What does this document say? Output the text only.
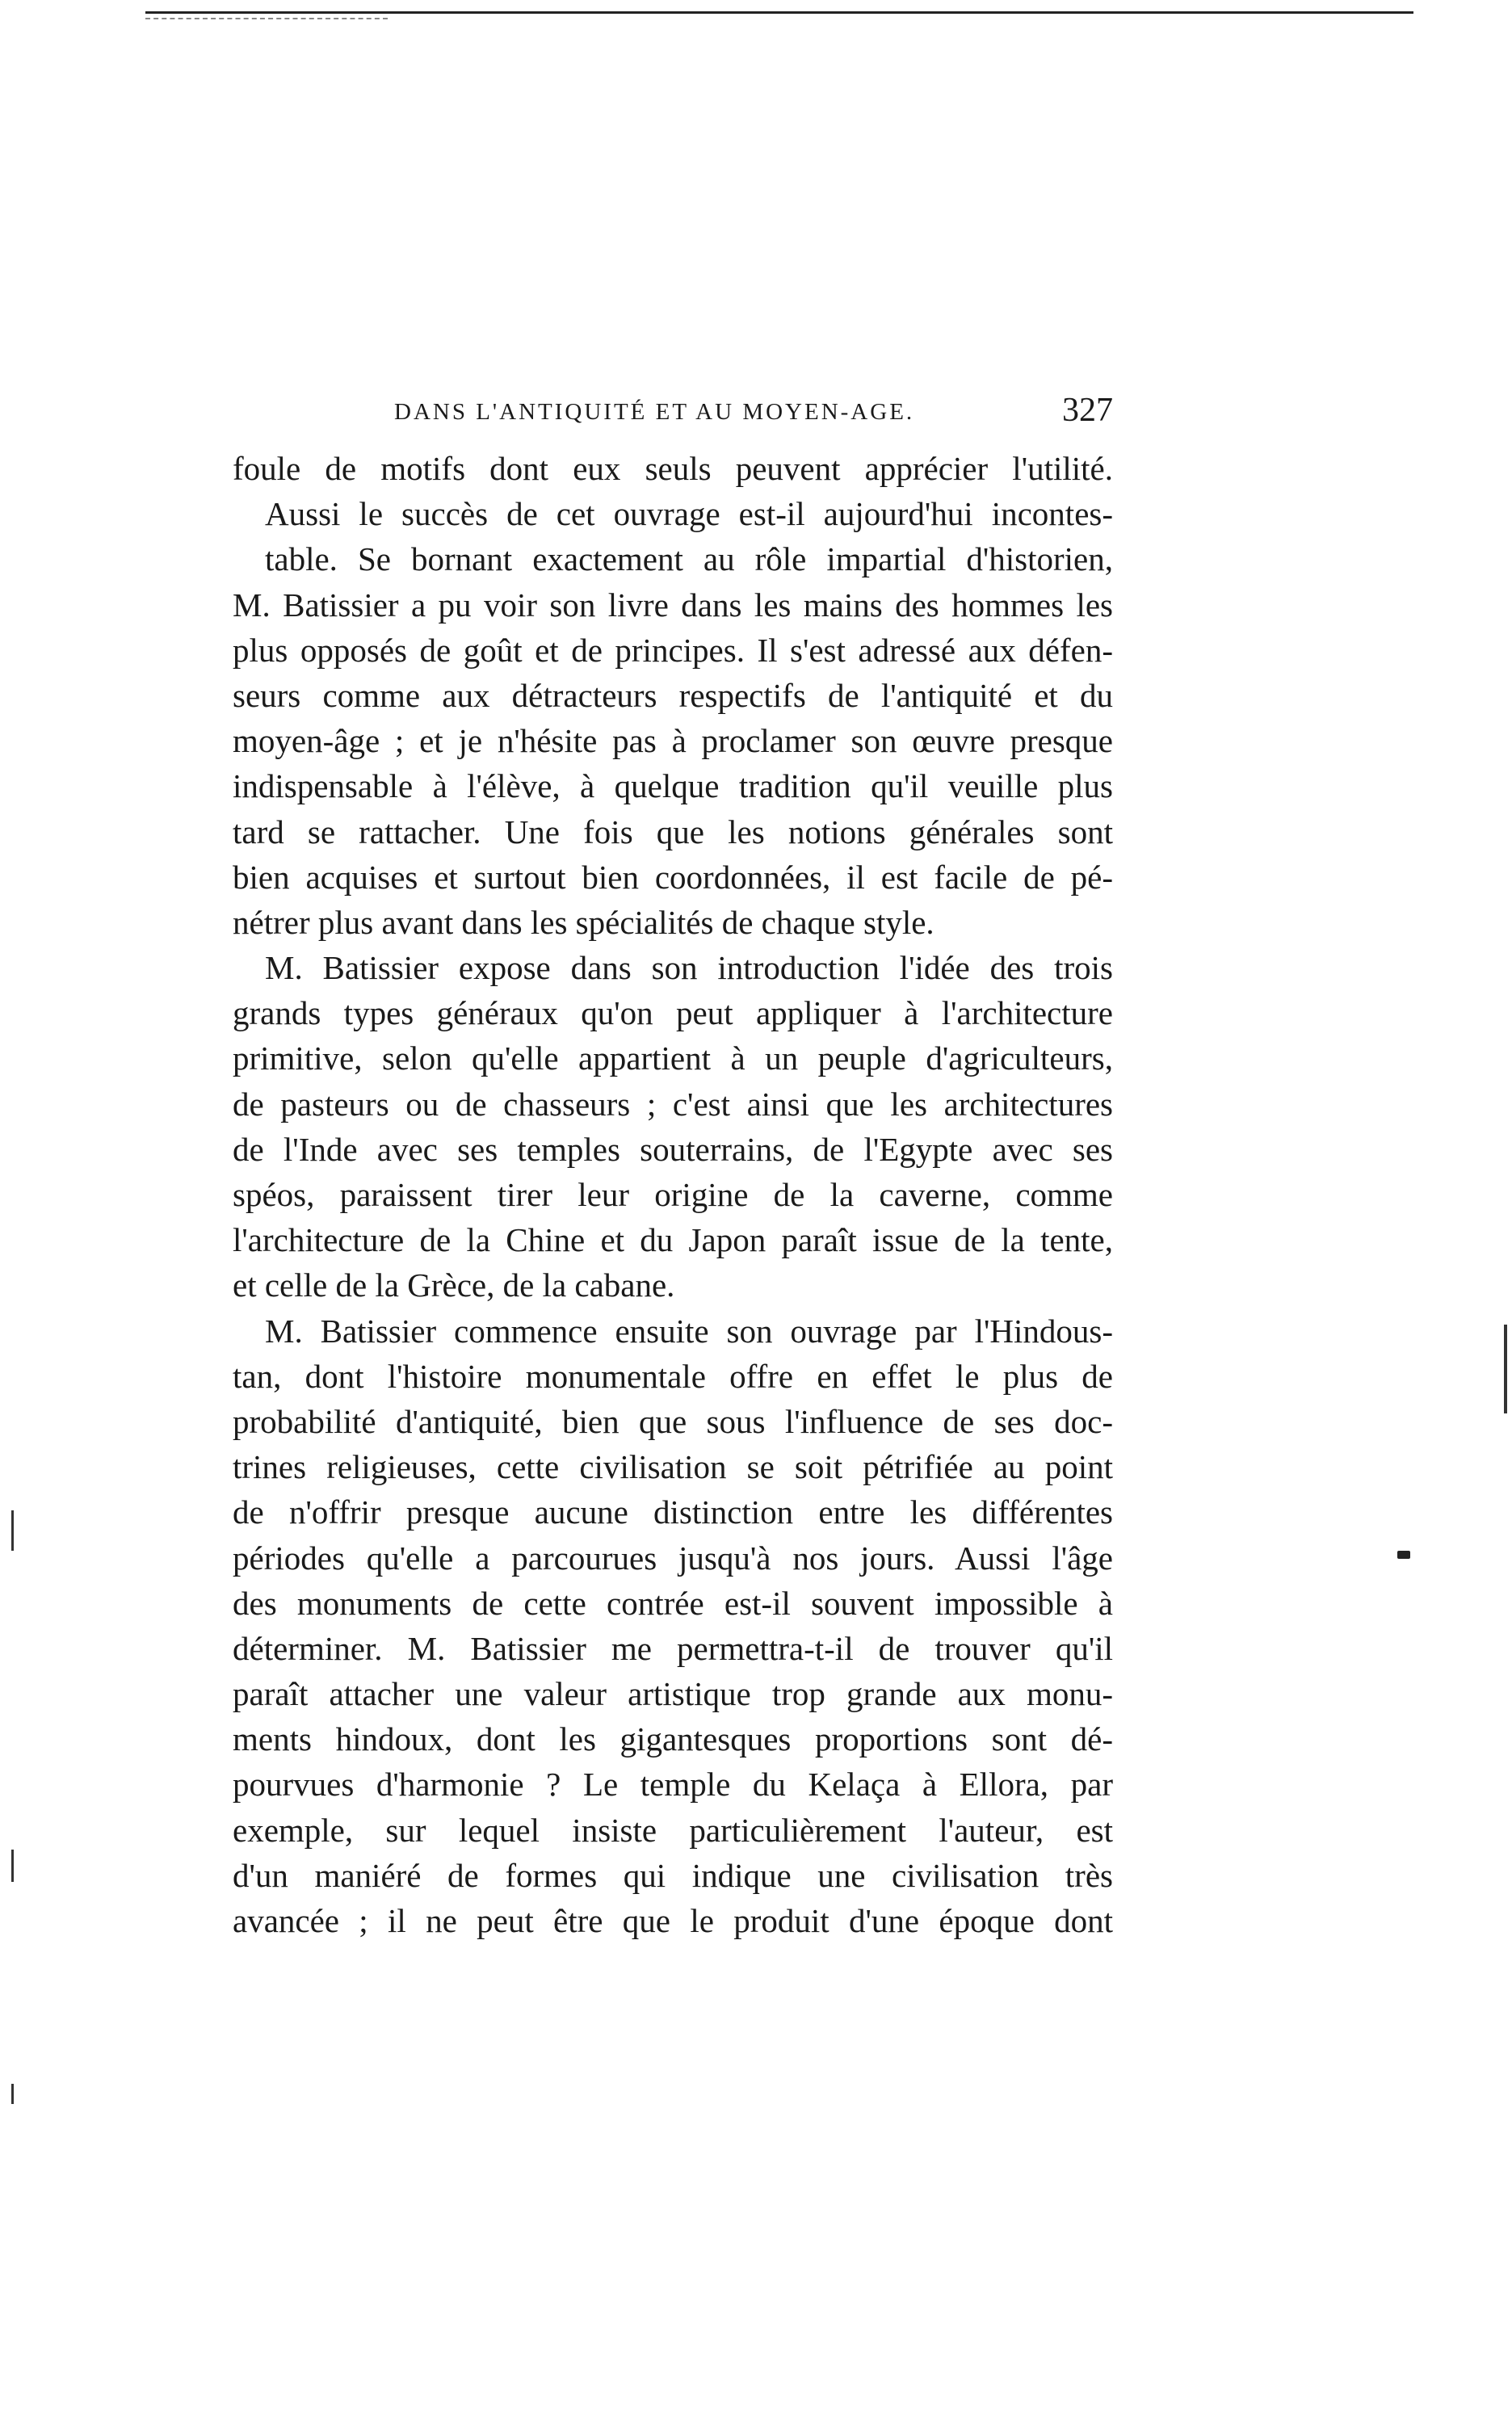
DANS L'ANTIQUITÉ ET AU MOYEN-AGE.	327
foule de motifs dont eux seuls peuvent apprécier l'utilité.
Aussi le succès de cet ouvrage est-il aujourd'hui incontes-
table. Se bornant exactement au rôle impartial d'historien,
M. Batissier a pu voir son livre dans les mains des hommes les
plus opposés de goût et de principes. Il s'est adressé aux défen-
seurs comme aux détracteurs respectifs de l'antiquité et du
moyen-âge ; et je n'hésite pas à proclamer son œuvre presque
indispensable à l'élève, à quelque tradition qu'il veuille plus
tard se rattacher. Une fois que les notions générales sont
bien acquises et surtout bien coordonnées, il est facile de pé-
nétrer plus avant dans les spécialités de chaque style.
M. Batissier expose dans son introduction l'idée des trois
grands types généraux qu'on peut appliquer à l'architecture
primitive, selon qu'elle appartient à un peuple d'agriculteurs,
de pasteurs ou de chasseurs ; c'est ainsi que les architectures
de l'Inde avec ses temples souterrains, de l'Egypte avec ses
spéos, paraissent tirer leur origine de la caverne, comme
l'architecture de la Chine et du Japon paraît issue de la tente,
et celle de la Grèce, de la cabane.
M. Batissier commence ensuite son ouvrage par l'Hindous-
tan, dont l'histoire monumentale offre en effet le plus de
probabilité d'antiquité, bien que sous l'influence de ses doc-
trines religieuses, cette civilisation se soit pétrifiée au point
de n'offrir presque aucune distinction entre les différentes
périodes qu'elle a parcourues jusqu'à nos jours. Aussi l'âge
des monuments de cette contrée est-il souvent impossible à
déterminer. M. Batissier me permettra-t-il de trouver qu'il
paraît attacher une valeur artistique trop grande aux monu-
ments hindoux, dont les gigantesques proportions sont dé-
pourvues d'harmonie ? Le temple du Kelaça à Ellora, par
exemple, sur lequel insiste particulièrement l'auteur, est
d'un maniéré de formes qui indique une civilisation très
avancée ; il ne peut être que le produit d'une époque dont
